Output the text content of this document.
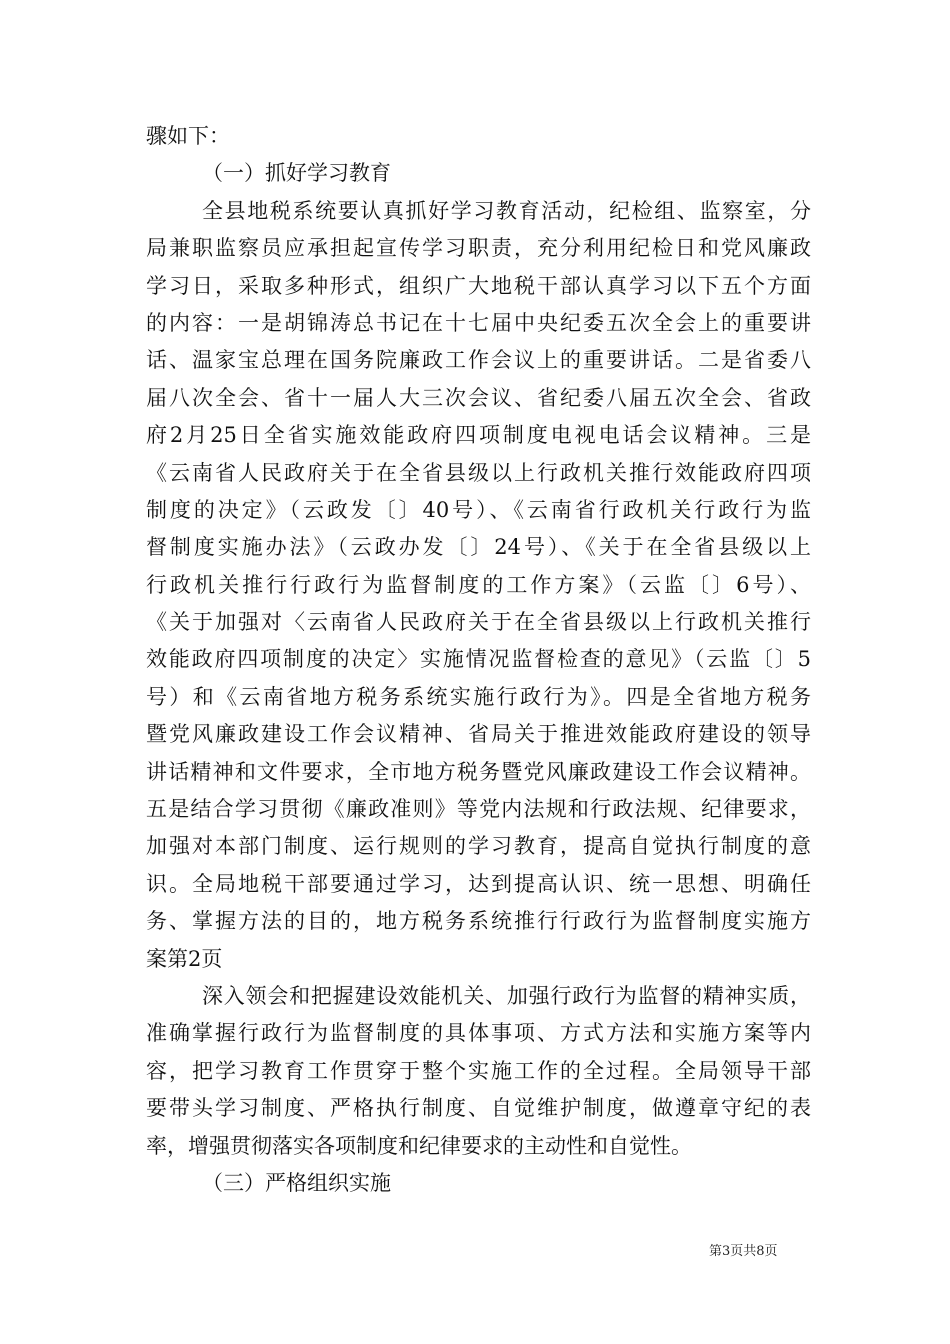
骤如下：
（一）抓好学习教育
全县地税系统要认真抓好学习教育活动，纪检组、监察室，分
局兼职监察员应承担起宣传学习职责，充分利用纪检日和党风廉政
学习日，采取多种形式，组织广大地税干部认真学习以下五个方面
的内容：一是胡锦涛总书记在十七届中央纪委五次全会上的重要讲
话、温家宝总理在国务院廉政工作会议上的重要讲话。二是省委八
届八次全会、省十一届人大三次会议、省纪委八届五次全会、省政
府2月25日全省实施效能政府四项制度电视电话会议精神。三是
《云南省人民政府关于在全省县级以上行政机关推行效能政府四项
制度的决定》（云政发〔〕40号）、《云南省行政机关行政行为监
督制度实施办法》（云政办发〔〕24号）、《关于在全省县级以上
行政机关推行行政行为监督制度的工作方案》（云监〔〕6号）、
《关于加强对〈云南省人民政府关于在全省县级以上行政机关推行
效能政府四项制度的决定〉实施情况监督检查的意见》（云监〔〕5
号）和《云南省地方税务系统实施行政行为》。四是全省地方税务
暨党风廉政建设工作会议精神、省局关于推进效能政府建设的领导
讲话精神和文件要求，全市地方税务暨党风廉政建设工作会议精神。
五是结合学习贯彻《廉政准则》等党内法规和行政法规、纪律要求，
加强对本部门制度、运行规则的学习教育，提高自觉执行制度的意
识。全局地税干部要通过学习，达到提高认识、统一思想、明确任
务、掌握方法的目的，地方税务系统推行行政行为监督制度实施方
案第2页
深入领会和把握建设效能机关、加强行政行为监督的精神实质，
准确掌握行政行为监督制度的具体事项、方式方法和实施方案等内
容，把学习教育工作贯穿于整个实施工作的全过程。全局领导干部
要带头学习制度、严格执行制度、自觉维护制度，做遵章守纪的表
率，增强贯彻落实各项制度和纪律要求的主动性和自觉性。
（三）严格组织实施
第3页共8页
